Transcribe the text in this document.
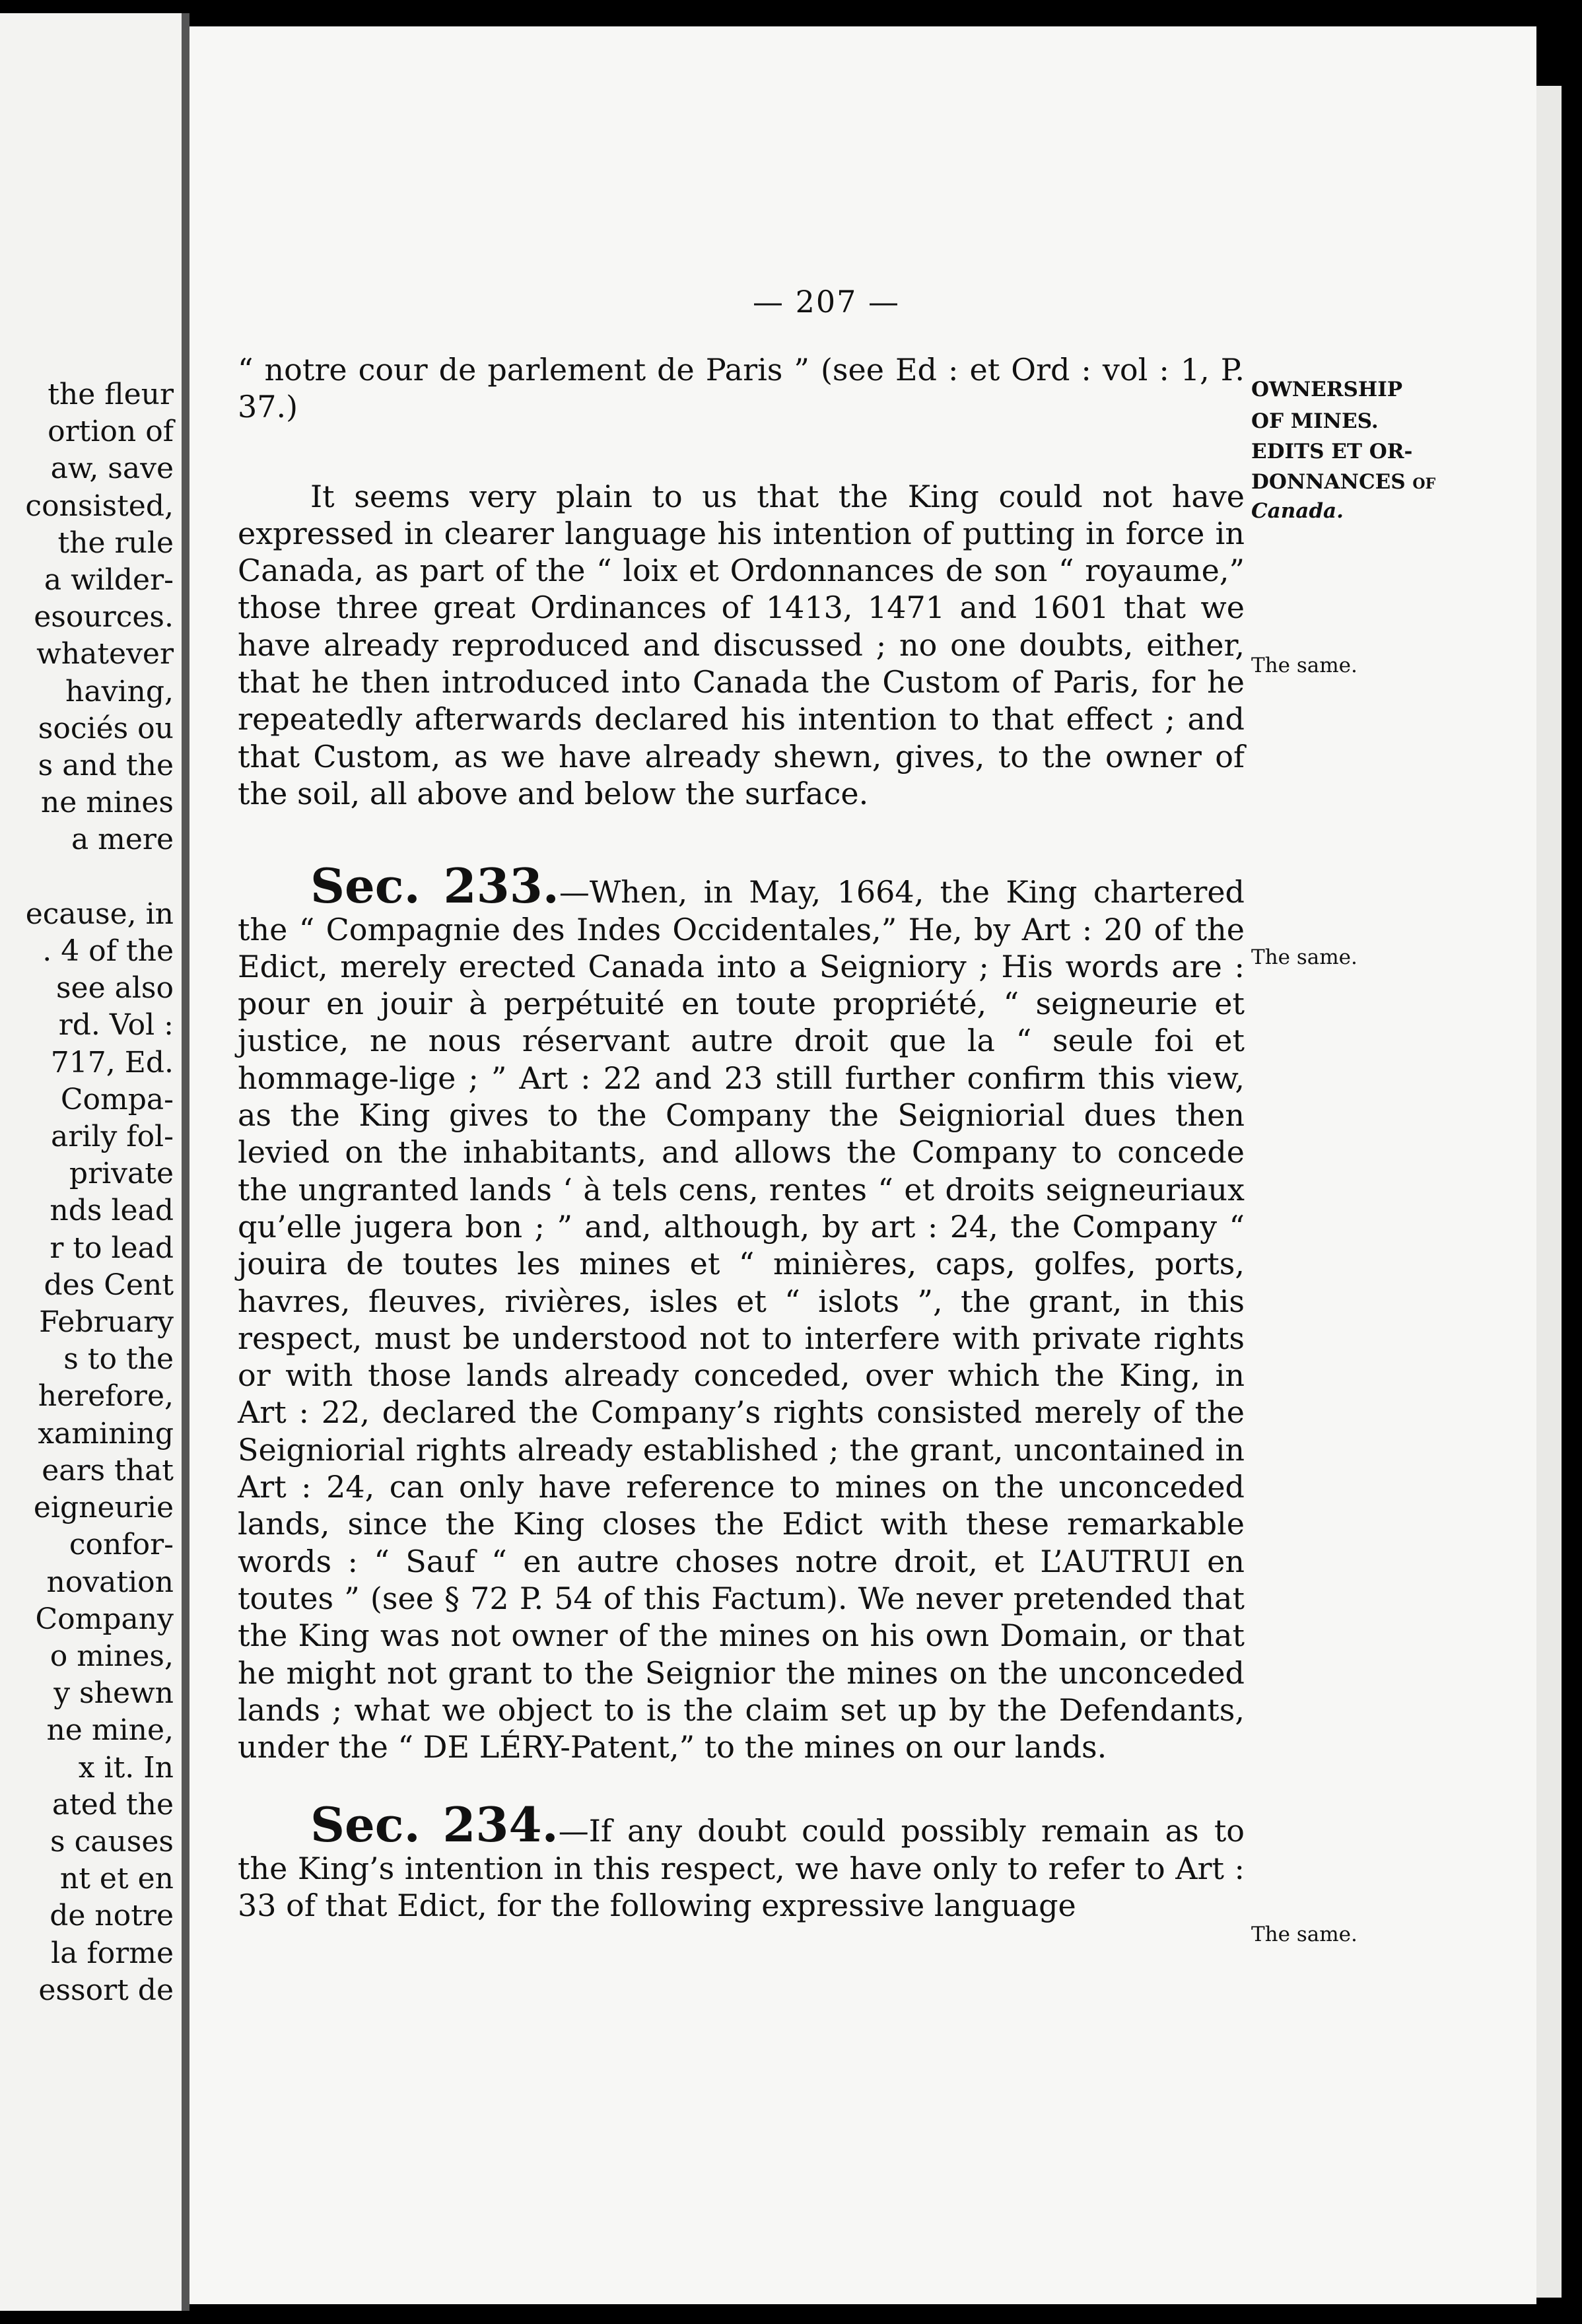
the fleur
ortion of
aw, save
consisted,
the rule
a wilder-
esources.
whatever
having,
sociés ou
s and the
ne mines
a mere

ecause, in
. 4 of the
see also
rd. Vol :
717, Ed.
Compa-
arily fol-
private
nds lead
r to lead
des Cent
February
s to the
herefore,
xamining
ears that
eigneurie
confor-
novation
Company
o mines,
y shewn
ne mine,
x it. In
ated the
s causes
nt et en
de notre
la forme
essort de
— 207 —

“ notre cour de parlement de Paris ” (see Ed : et Ord : vol : 1, P. 37.)

It seems very plain to us that the King could not have expressed in clearer language his intention of putting in force in Canada, as part of the “ loix et Ordonnances de son “ royaume,” those three great Ordinances of 1413, 1471 and 1601 that we have already reproduced and discussed ; no one doubts, either, that he then introduced into Canada the Custom of Paris, for he repeatedly afterwards declared his intention to that effect ; and that Custom, as we have already shewn, gives, to the owner of the soil, all above and below the surface.

Sec. 233.—When, in May, 1664, the King chartered the “ Compagnie des Indes Occidentales,” He, by Art : 20 of the Edict, merely erected Canada into a Seigniory ; His words are : pour en jouir à perpétuité en toute propriété, “ seigneurie et justice, ne nous réservant autre droit que la “ seule foi et hommage-lige ; ” Art : 22 and 23 still further confirm this view, as the King gives to the Company the Seigniorial dues then levied on the inhabitants, and allows the Company to concede the ungranted lands ‘ à tels cens, rentes “ et droits seigneuriaux qu’elle jugera bon ; ” and, although, by art : 24, the Company “ jouira de toutes les mines et “ minières, caps, golfes, ports, havres, fleuves, rivières, isles et “ islots ”, the grant, in this respect, must be understood not to interfere with private rights or with those lands already conceded, over which the King, in Art : 22, declared the Company’s rights consisted merely of the Seigniorial rights already established ; the grant, uncontained in Art : 24, can only have reference to mines on the unconceded lands, since the King closes the Edict with these remarkable words : “ Sauf “ en autre choses notre droit, et L’AUTRUI en toutes ” (see § 72 P. 54 of this Factum). We never pretended that the King was not owner of the mines on his own Domain, or that he might not grant to the Seignior the mines on the unconceded lands ; what we object to is the claim set up by the Defendants, under the “ DE LÉRY-Patent,” to the mines on our lands.

Sec. 234.—If any doubt could possibly remain as to the King’s intention in this respect, we have only to refer to Art : 33 of that Edict, for the following expressive language

OWNERSHIP
OF MINES.
EDITS ET OR-
DONNANCES of
Canada.
The same.
The same.
The same.
